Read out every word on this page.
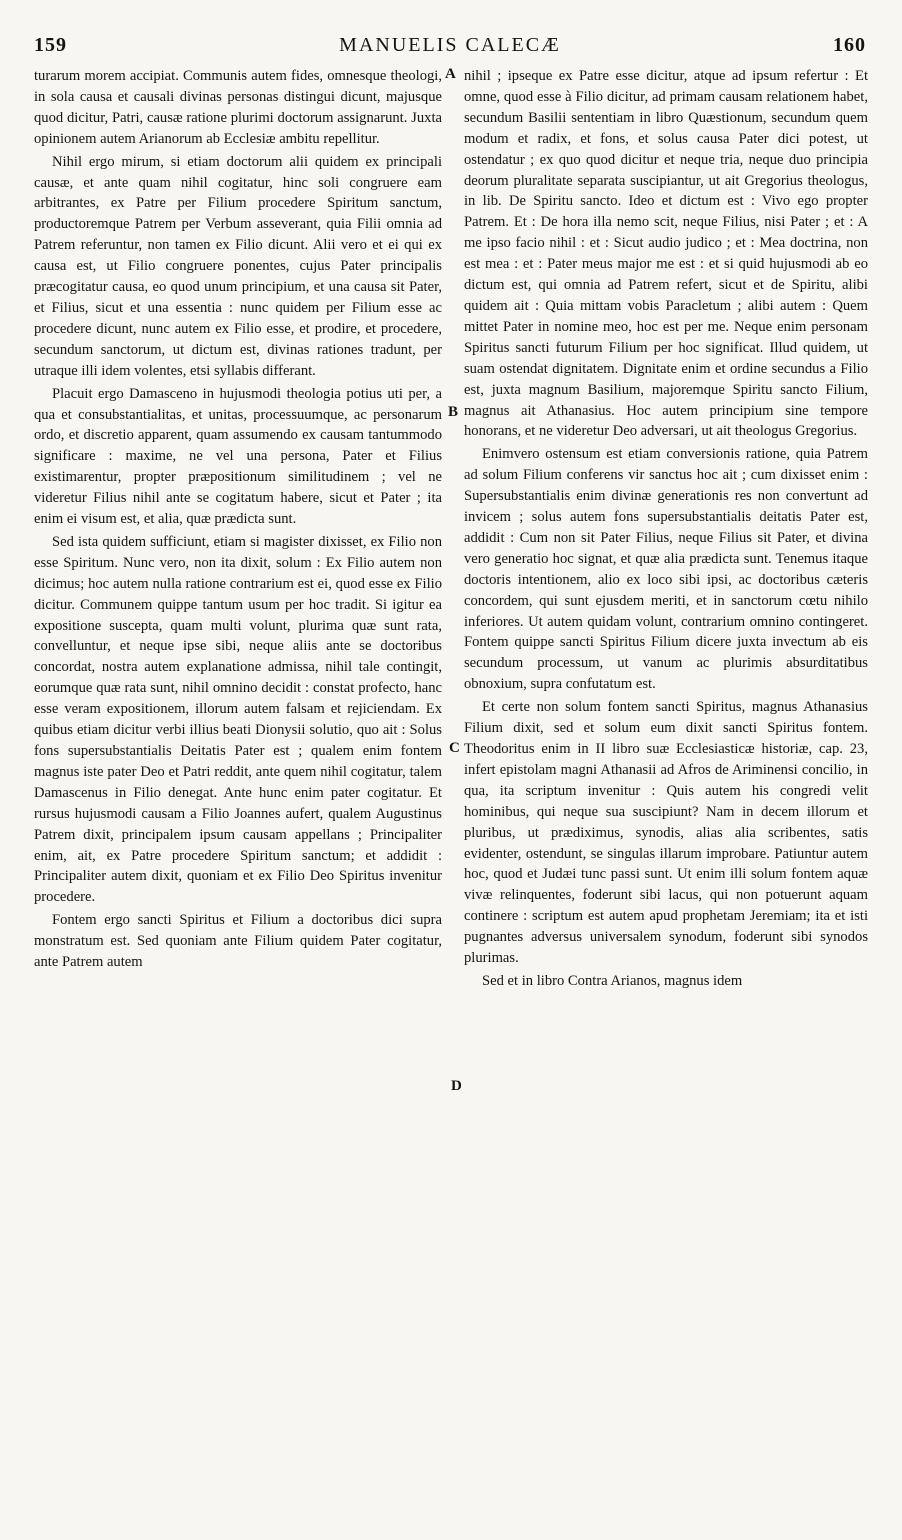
159	MANUELIS CALECÆ	160

turarum morem accipiat. Communis autem fides, omnesque theologi, in sola causa et causali divinas personas distingui dicunt, majusque quod dicitur, Patri, causæ ratione plurimi doctorum assignarunt. Juxta opinionem autem Arianorum ab Ecclesiæ ambitu repellitur.

Nihil ergo mirum, si etiam doctorum alii quidem ex principali causæ, et ante quam nihil cogitatur, hinc soli congruere eam arbitrantes, ex Patre per Filium procedere Spiritum sanctum, productoremque Patrem per Verbum asseverant, quia Filii omnia ad Patrem referuntur, non tamen ex Filio dicunt. Alii vero et ei qui ex causa est, ut Filio congruere ponentes, cujus Pater principalis præcogitatur causa, eo quod unum principium, et una causa sit Pater, et Filius, sicut et una essentia : nunc quidem per Filium esse ac procedere dicunt, nunc autem ex Filio esse, et prodire, et procedere, secundum sanctorum, ut dictum est, divinas rationes tradunt, per utraque illi idem volentes, etsi syllabis differant.

Placuit ergo Damasceno in hujusmodi theologia potius uti per, a qua et consubstantialitas, et unitas, processuumque, ac personarum ordo, et discretio apparent, quam assumendo ex causam tantummodo significare : maxime, ne vel una persona, Pater et Filius existimarentur, propter præpositionum similitudinem ; vel ne videretur Filius nihil ante se cogitatum habere, sicut et Pater ; ita enim ei visum est, et alia, quæ prædicta sunt.

Sed ista quidem sufficiunt, etiam si magister dixisset, ex Filio non esse Spiritum. Nunc vero, non ita dixit, solum : Ex Filio autem non dicimus; hoc autem nulla ratione contrarium est ei, quod esse ex Filio dicitur. Communem quippe tantum usum per hoc tradit. Si igitur ea expositione suscepta, quam multi volunt, plurima quæ sunt rata, convelluntur, et neque ipse sibi, neque aliis ante se doctoribus concordat, nostra autem explanatione admissa, nihil tale contingit, eorumque quæ rata sunt, nihil omnino decidit : constat profecto, hanc esse veram expositionem, illorum autem falsam et rejiciendam. Ex quibus etiam dicitur verbi illius beati Dionysii solutio, quo ait : Solus fons supersubstantialis Deitatis Pater est ; qualem enim fontem magnus iste pater Deo et Patri reddit, ante quem nihil cogitatur, talem Damascenus in Filio denegat. Ante hunc enim pater cogitatur. Et rursus hujusmodi causam a Filio Joannes aufert, qualem Augustinus Patrem dixit, principalem ipsum causam appellans ; Principaliter enim, ait, ex Patre procedere Spiritum sanctum; et addidit : Principaliter autem dixit, quoniam et ex Filio Deo Spiritus invenitur procedere.

Fontem ergo sancti Spiritus et Filium a doctoribus dici supra monstratum est. Sed quoniam ante Filium quidem Pater cogitatur, ante Patrem autem

A
B
C
D

nihil ; ipseque ex Patre esse dicitur, atque ad ipsum refertur : Et omne, quod esse à Filio dicitur, ad primam causam relationem habet, secundum Basilii sententiam in libro Quæstionum, secundum quem modum et radix, et fons, et solus causa Pater dici potest, ut ostendatur ; ex quo quod dicitur et neque tria, neque duo principia deorum pluralitate separata suscipiantur, ut ait Gregorius theologus, in lib. De Spiritu sancto. Ideo et dictum est : Vivo ego propter Patrem. Et : De hora illa nemo scit, neque Filius, nisi Pater ; et : A me ipso facio nihil : et : Sicut audio judico ; et : Mea doctrina, non est mea : et : Pater meus major me est : et si quid hujusmodi ab eo dictum est, qui omnia ad Patrem refert, sicut et de Spiritu, alibi quidem ait : Quia mittam vobis Paracletum ; alibi autem : Quem mittet Pater in nomine meo, hoc est per me. Neque enim personam Spiritus sancti futurum Filium per hoc significat. Illud quidem, ut suam ostendat dignitatem. Dignitate enim et ordine secundus a Filio est, juxta magnum Basilium, majoremque Spiritu sancto Filium, magnus ait Athanasius. Hoc autem principium sine tempore honorans, et ne videretur Deo adversari, ut ait theologus Gregorius.

Enimvero ostensum est etiam conversionis ratione, quia Patrem ad solum Filium conferens vir sanctus hoc ait ; cum dixisset enim : Supersubstantialis enim divinæ generationis res non convertunt ad invicem ; solus autem fons supersubstantialis deitatis Pater est, addidit : Cum non sit Pater Filius, neque Filius sit Pater, et divina vero generatio hoc signat, et quæ alia prædicta sunt. Tenemus itaque doctoris intentionem, alio ex loco sibi ipsi, ac doctoribus cæteris concordem, qui sunt ejusdem meriti, et in sanctorum cœtu nihilo inferiores. Ut autem quidam volunt, contrarium omnino contingeret. Fontem quippe sancti Spiritus Filium dicere juxta invectum ab eis secundum processum, ut vanum ac plurimis absurditatibus obnoxium, supra confutatum est.

Et certe non solum fontem sancti Spiritus, magnus Athanasius Filium dixit, sed et solum eum dixit sancti Spiritus fontem. Theodoritus enim in II libro suæ Ecclesiasticæ historiæ, cap. 23, infert epistolam magni Athanasii ad Afros de Ariminensi concilio, in qua, ita scriptum invenitur : Quis autem his congredi velit hominibus, qui neque sua suscipiunt? Nam in decem illorum et pluribus, ut prædiximus, synodis, alias alia scribentes, satis evidenter, ostendunt, se singulas illarum improbare. Patiuntur autem hoc, quod et Judæi tunc passi sunt. Ut enim illi solum fontem aquæ vivæ relinquentes, foderunt sibi lacus, qui non potuerunt aquam continere : scriptum est autem apud prophetam Jeremiam; ita et isti pugnantes adversus universalem synodum, foderunt sibi synodos plurimas.

Sed et in libro Contra Arianos, magnus idem
